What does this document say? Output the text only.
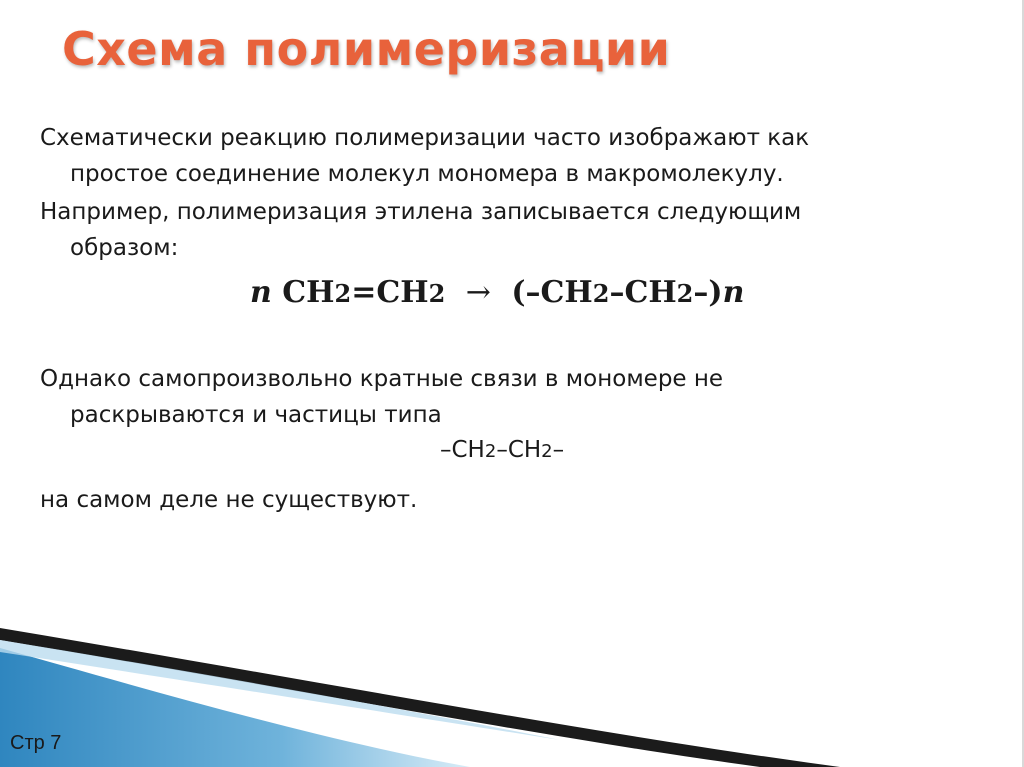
Схема полимеризации

Схематически реакцию полимеризации часто изображают как
простое соединение молекул мономера в макромолекулу.

Например, полимеризация этилена записывается следующим
образом:

n CH2=CH2 → (–CH2–CH2–)n

Однако самопроизвольно кратные связи в мономере не
раскрываются и частицы типа

–CH2–CH2–

на самом деле не существуют.

Стр 7
